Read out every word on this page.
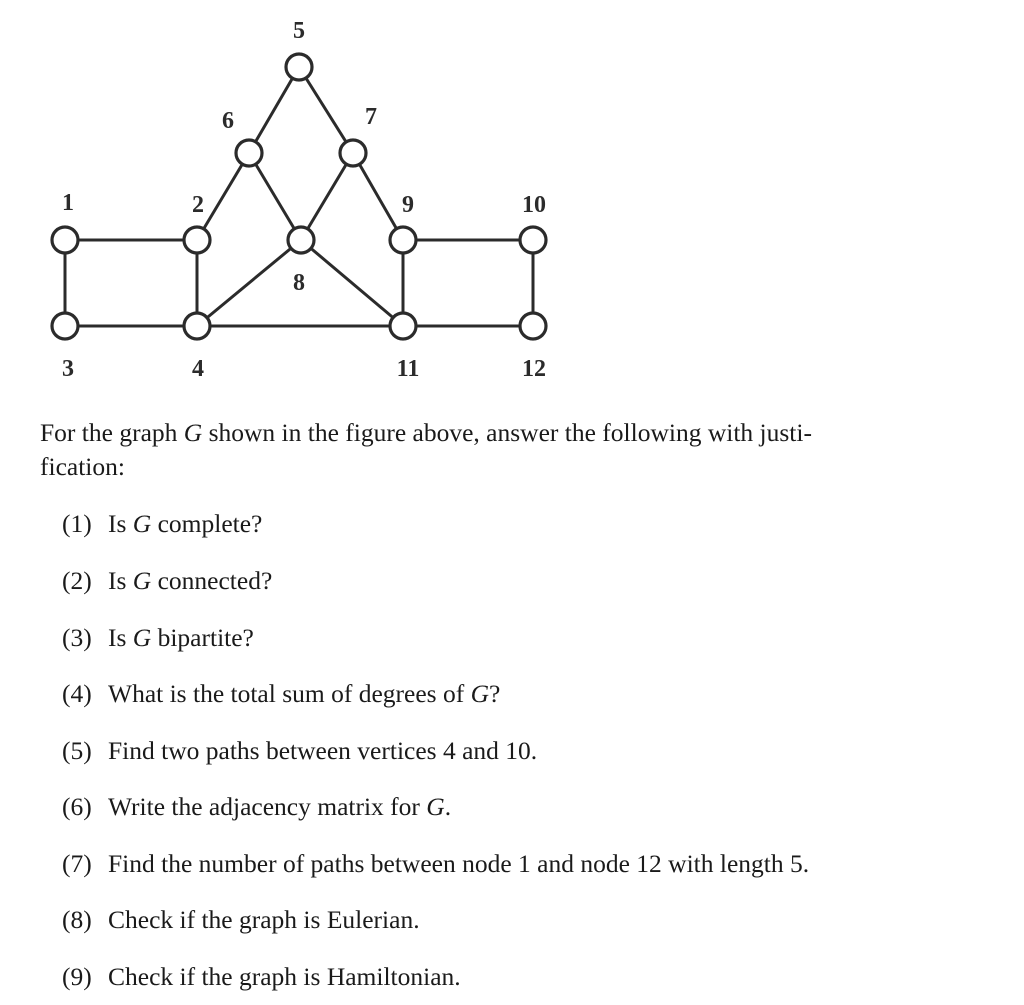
1	2
3	4
5
6	7
8
9	10
11	12

For the graph G shown in the figure above, answer the following with justi-

fication:

(1) Is G complete?
(2) Is G connected?
(3) Is G bipartite?
(4) What is the total sum of degrees of G?
(5) Find two paths between vertices 4 and 10.
(6) Write the adjacency matrix for G.
(7) Find the number of paths between node 1 and node 12 with length 5.
(8) Check if the graph is Eulerian.
(9) Check if the graph is Hamiltonian.
